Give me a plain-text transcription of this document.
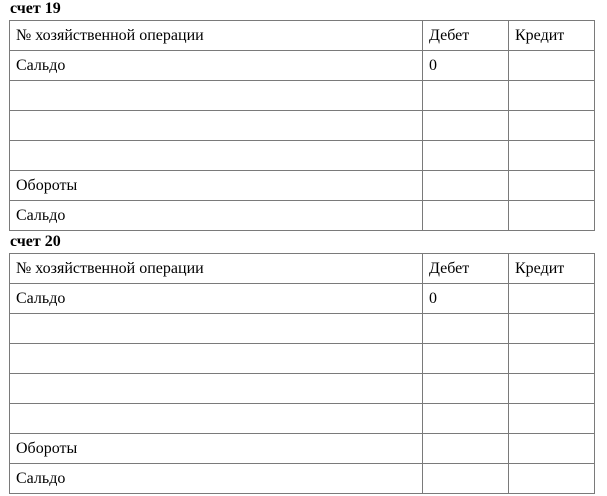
счет 19
№ хозяйственной операции	Дебет	Кредит
Сальдо	0	

Обороты		
Сальдо		
счет 20
№ хозяйственной операции	Дебет	Кредит
Сальдо	0	

Обороты		
Сальдо		
